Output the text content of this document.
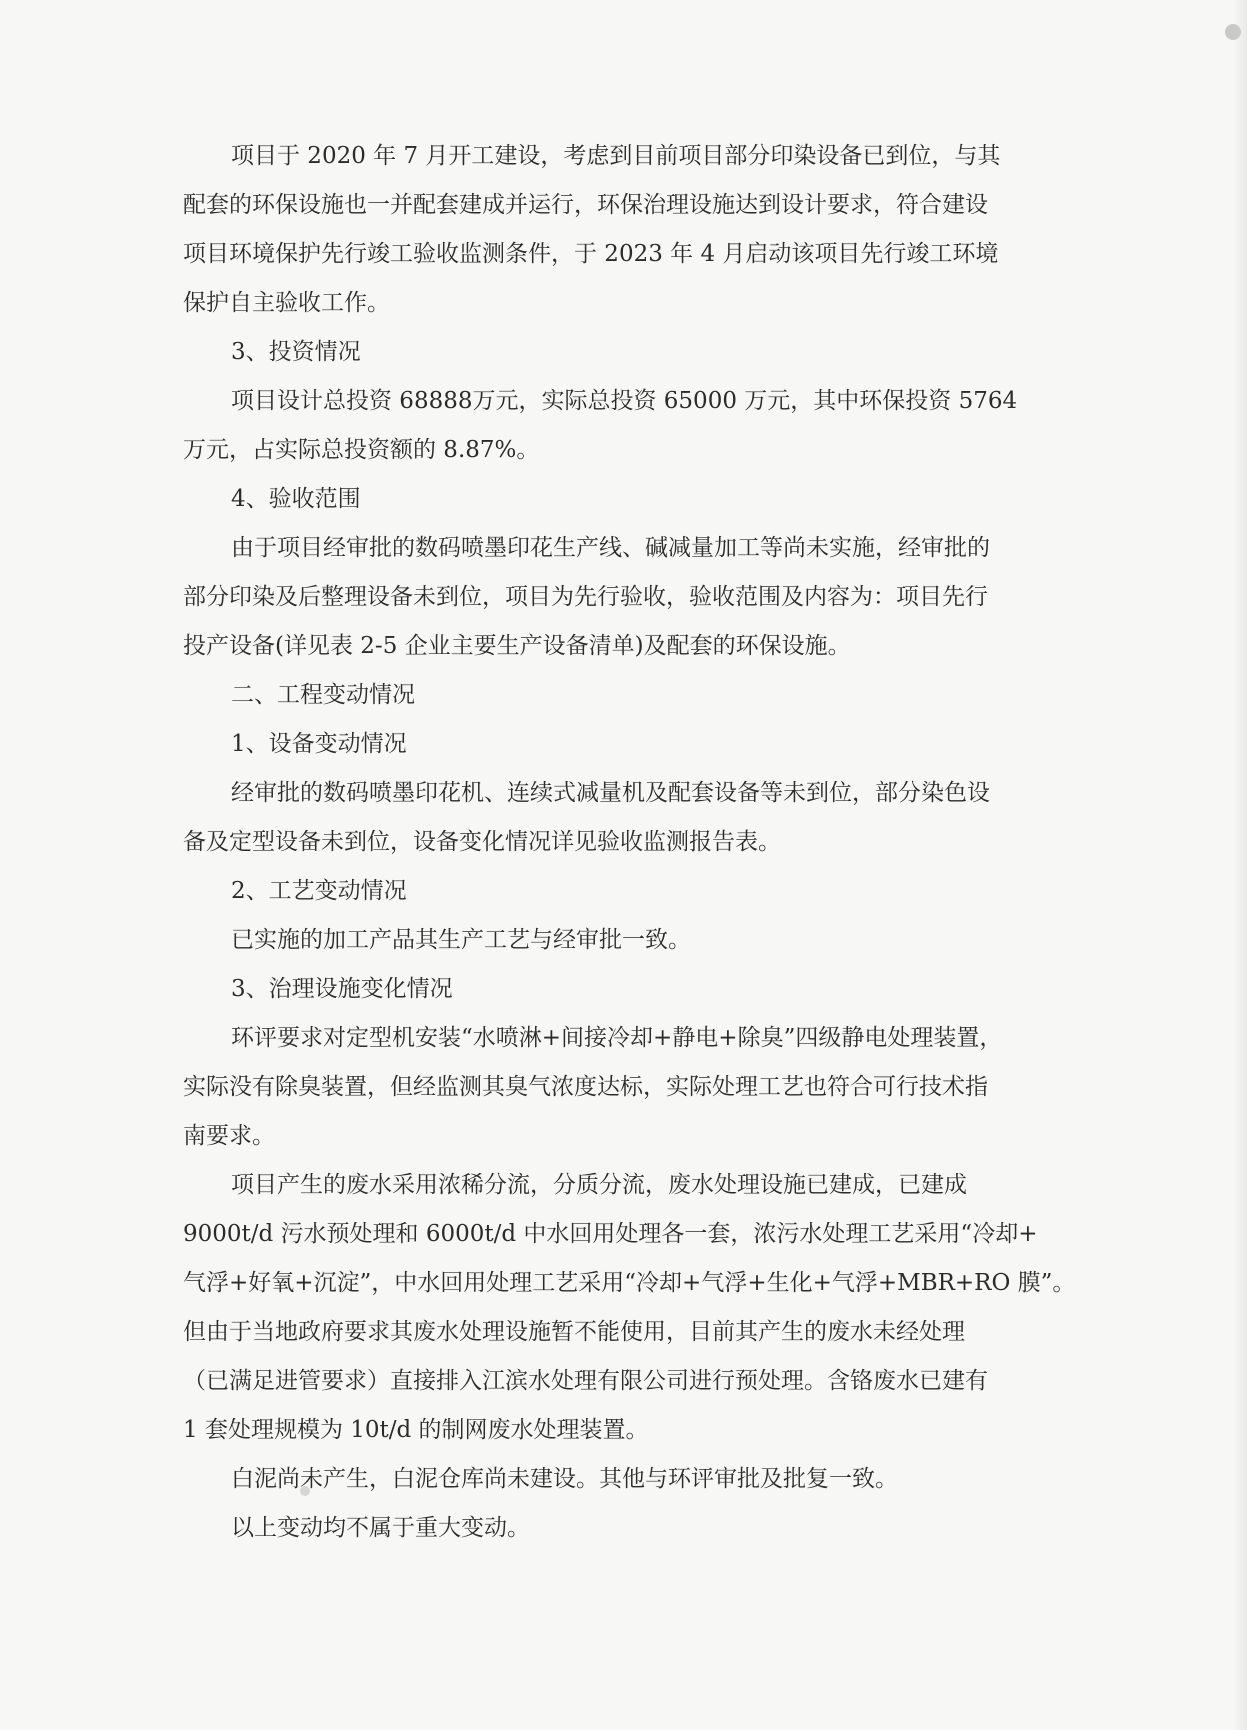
项目于 2020 年 7 月开工建设，考虑到目前项目部分印染设备已到位，与其
配套的环保设施也一并配套建成并运行，环保治理设施达到设计要求，符合建设
项目环境保护先行竣工验收监测条件，于 2023 年 4 月启动该项目先行竣工环境
保护自主验收工作。
3、投资情况
项目设计总投资 68888万元，实际总投资 65000 万元，其中环保投资 5764
万元，占实际总投资额的 8.87%。
4、验收范围
由于项目经审批的数码喷墨印花生产线、碱减量加工等尚未实施，经审批的
部分印染及后整理设备未到位，项目为先行验收，验收范围及内容为：项目先行
投产设备(详见表 2-5 企业主要生产设备清单)及配套的环保设施。
二、工程变动情况
1、设备变动情况
经审批的数码喷墨印花机、连续式减量机及配套设备等未到位，部分染色设
备及定型设备未到位，设备变化情况详见验收监测报告表。
2、工艺变动情况
已实施的加工产品其生产工艺与经审批一致。
3、治理设施变化情况
环评要求对定型机安装“水喷淋+间接冷却+静电+除臭”四级静电处理装置，
实际没有除臭装置，但经监测其臭气浓度达标，实际处理工艺也符合可行技术指
南要求。
项目产生的废水采用浓稀分流，分质分流，废水处理设施已建成，已建成
9000t/d 污水预处理和 6000t/d 中水回用处理各一套，浓污水处理工艺采用“冷却+
气浮+好氧+沉淀”，中水回用处理工艺采用“冷却+气浮+生化+气浮+MBR+RO 膜”。
但由于当地政府要求其废水处理设施暂不能使用，目前其产生的废水未经处理
（已满足进管要求）直接排入江滨水处理有限公司进行预处理。含铬废水已建有
1 套处理规模为 10t/d 的制网废水处理装置。
白泥尚未产生，白泥仓库尚未建设。其他与环评审批及批复一致。
以上变动均不属于重大变动。
